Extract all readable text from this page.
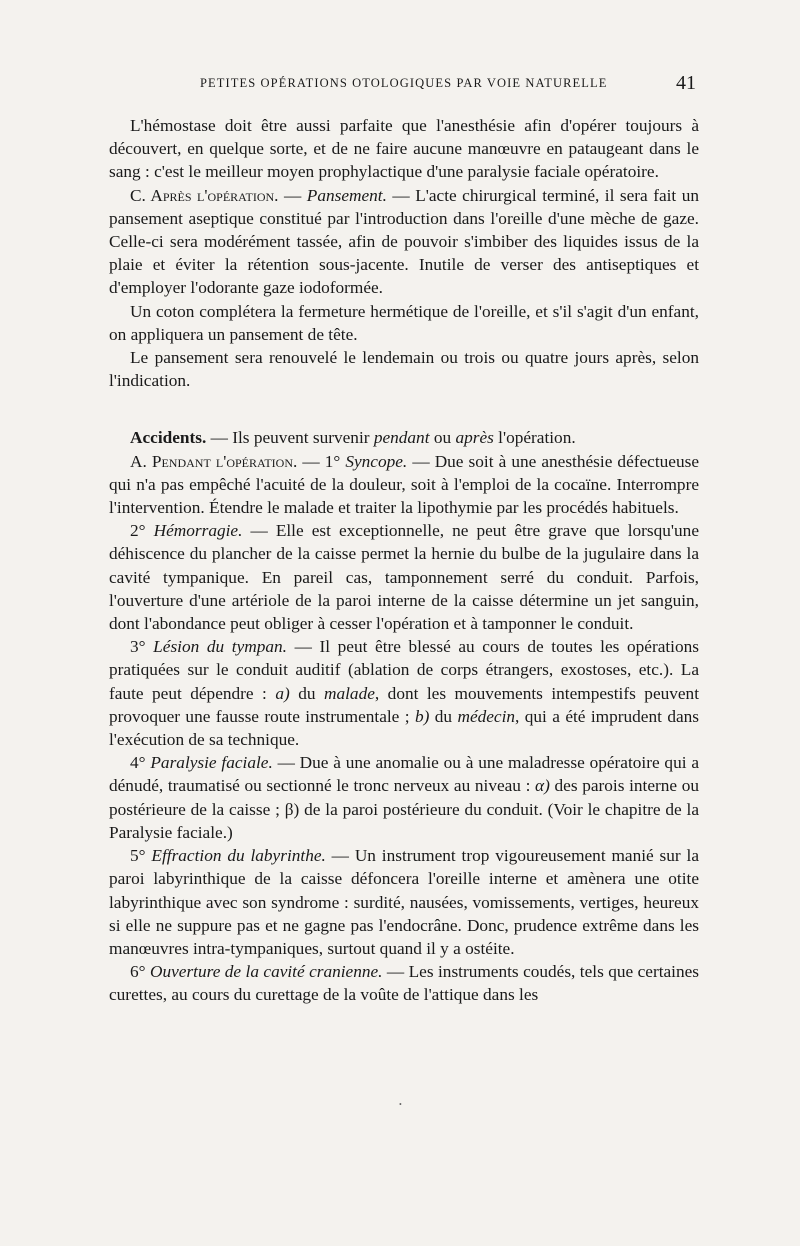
PETITES OPÉRATIONS OTOLOGIQUES PAR VOIE NATURELLE	41

L'hémostase doit être aussi parfaite que l'anesthésie afin d'opérer toujours à découvert, en quelque sorte, et de ne faire aucune manœuvre en pataugeant dans le sang : c'est le meilleur moyen prophylactique d'une paralysie faciale opératoire.

C. Après l'opération. — Pansement. — L'acte chirurgical terminé, il sera fait un pansement aseptique constitué par l'introduction dans l'oreille d'une mèche de gaze. Celle-ci sera modérément tassée, afin de pouvoir s'imbiber des liquides issus de la plaie et éviter la rétention sous-jacente. Inutile de verser des antiseptiques et d'employer l'odorante gaze iodoformée.

Un coton complétera la fermeture hermétique de l'oreille, et s'il s'agit d'un enfant, on appliquera un pansement de tête.

Le pansement sera renouvelé le lendemain ou trois ou quatre jours après, selon l'indication.

Accidents. — Ils peuvent survenir pendant ou après l'opération.

A. Pendant l'opération. — 1° Syncope. — Due soit à une anesthésie défectueuse qui n'a pas empêché l'acuité de la douleur, soit à l'emploi de la cocaïne. Interrompre l'intervention. Étendre le malade et traiter la lipothymie par les procédés habituels.

2° Hémorragie. — Elle est exceptionnelle, ne peut être grave que lorsqu'une déhiscence du plancher de la caisse permet la hernie du bulbe de la jugulaire dans la cavité tympanique. En pareil cas, tamponnement serré du conduit. Parfois, l'ouverture d'une artériole de la paroi interne de la caisse détermine un jet sanguin, dont l'abondance peut obliger à cesser l'opération et à tamponner le conduit.

3° Lésion du tympan. — Il peut être blessé au cours de toutes les opérations pratiquées sur le conduit auditif (ablation de corps étrangers, exostoses, etc.). La faute peut dépendre : a) du malade, dont les mouvements intempestifs peuvent provoquer une fausse route instrumentale ; b) du médecin, qui a été imprudent dans l'exécution de sa technique.

4° Paralysie faciale. — Due à une anomalie ou à une maladresse opératoire qui a dénudé, traumatisé ou sectionné le tronc nerveux au niveau : α) des parois interne ou postérieure de la caisse ; β) de la paroi postérieure du conduit. (Voir le chapitre de la Paralysie faciale.)

5° Effraction du labyrinthe. — Un instrument trop vigoureusement manié sur la paroi labyrinthique de la caisse défoncera l'oreille interne et amènera une otite labyrinthique avec son syndrome : surdité, nausées, vomissements, vertiges, heureux si elle ne suppure pas et ne gagne pas l'endocrâne. Donc, prudence extrême dans les manœuvres intra-tympaniques, surtout quand il y a ostéite.

6° Ouverture de la cavité cranienne. — Les instruments coudés, tels que certaines curettes, au cours du curettage de la voûte de l'attique dans les

•
